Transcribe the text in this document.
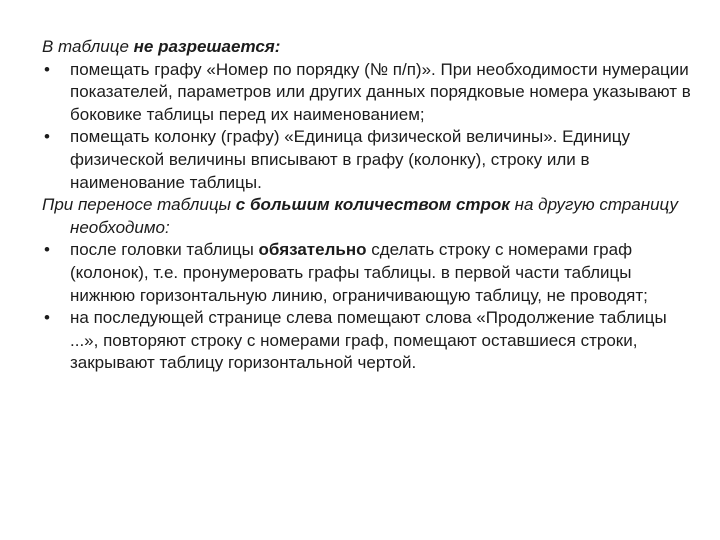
В таблице не разрешается:

• помещать графу «Номер по порядку (№ п/п)». При необходимости нумерации показателей, параметров или других данных порядковые номера указывают в боковике таблицы перед их наименованием;

• помещать колонку (графу) «Единица физической величины». Единицу физической величины вписывают в графу (колонку), строку или в наименование таблицы.

При переносе таблицы с большим количеством строк на другую страницу необходимо:

• после головки таблицы обязательно сделать строку с номерами граф (колонок), т.е. пронумеровать графы таблицы. в первой части таблицы нижнюю горизонтальную линию, ограничивающую таблицу, не проводят;

• на последующей странице слева помещают слова «Продолжение таблицы ...», повторяют строку с номерами граф, помещают оставшиеся строки, закрывают таблицу горизонтальной чертой.
